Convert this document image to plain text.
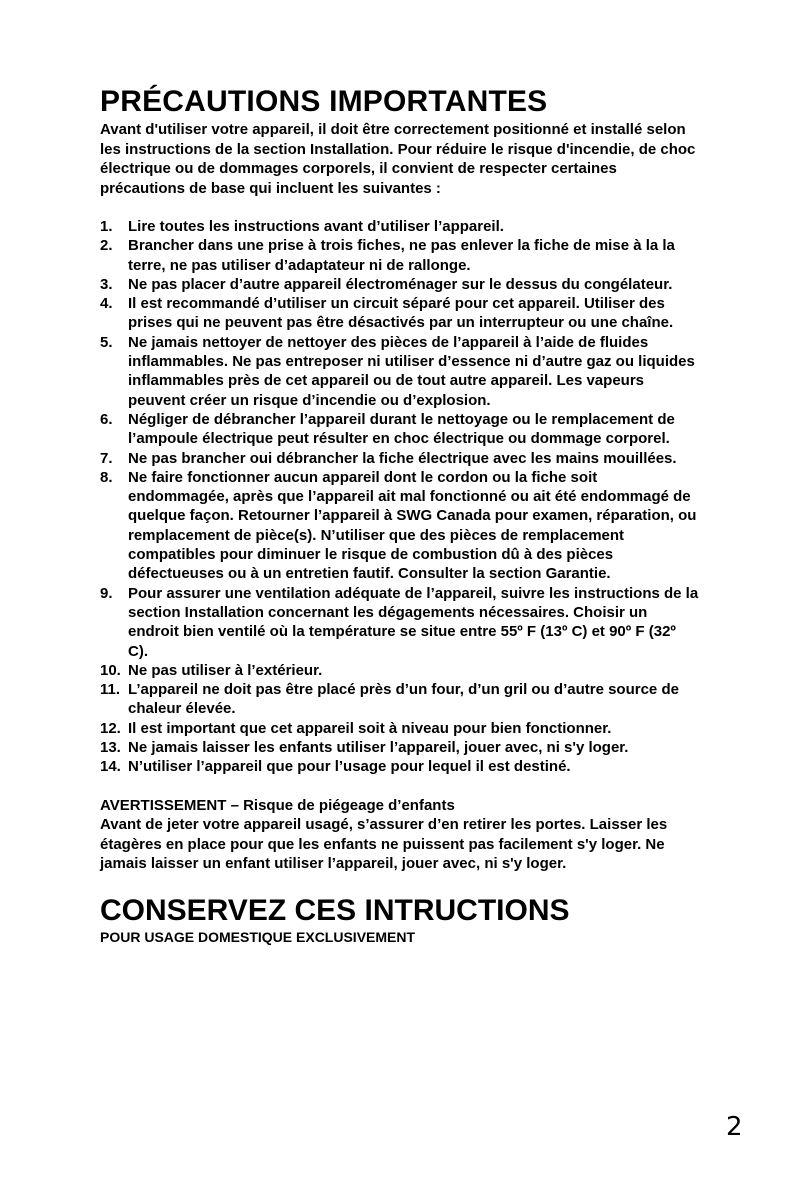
PRÉCAUTIONS IMPORTANTES

Avant d'utiliser votre appareil, il doit être correctement positionné et installé selon les instructions de la section Installation. Pour réduire le risque d'incendie, de choc électrique ou de dommages corporels, il convient de respecter certaines précautions de base qui incluent les suivantes :

1. Lire toutes les instructions avant d’utiliser l’appareil.
2. Brancher dans une prise à trois fiches, ne pas enlever la fiche de mise à la la terre, ne pas utiliser d’adaptateur ni de rallonge.
3. Ne pas placer d’autre appareil électroménager sur le dessus du congélateur.
4. Il est recommandé d’utiliser un circuit séparé pour cet appareil. Utiliser des prises qui ne peuvent pas être désactivés par un interrupteur ou une chaîne.
5. Ne jamais nettoyer de nettoyer des pièces de l’appareil à l’aide de fluides inflammables. Ne pas entreposer ni utiliser d’essence ni d’autre gaz ou liquides inflammables près de cet appareil ou de tout autre appareil. Les vapeurs peuvent créer un risque d’incendie ou d’explosion.
6. Négliger de débrancher l’appareil durant le nettoyage ou le remplacement de l’ampoule électrique peut résulter en choc électrique ou dommage corporel.
7. Ne pas brancher oui débrancher la fiche électrique avec les mains mouillées.
8. Ne faire fonctionner aucun appareil dont le cordon ou la fiche soit endommagée, après que l’appareil ait mal fonctionné ou ait été endommagé de quelque façon. Retourner l’appareil à SWG Canada pour examen, réparation, ou remplacement de pièce(s). N’utiliser que des pièces de remplacement compatibles pour diminuer le risque de combustion dû à des pièces défectueuses ou à un entretien fautif. Consulter la section Garantie.
9. Pour assurer une ventilation adéquate de l’appareil, suivre les instructions de la section Installation concernant les dégagements nécessaires. Choisir un endroit bien ventilé où la température se situe entre 55º F (13º C) et 90º F (32º C).
10. Ne pas utiliser à l’extérieur.
11. L’appareil ne doit pas être placé près d’un four, d’un gril ou d’autre source de chaleur élevée.
12. Il est important que cet appareil soit à niveau pour bien fonctionner.
13. Ne jamais laisser les enfants utiliser l’appareil, jouer avec, ni s'y loger.
14. N’utiliser l’appareil que pour l’usage pour lequel il est destiné.
AVERTISSEMENT – Risque de piégeage d’enfants
Avant de jeter votre appareil usagé, s’assurer d’en retirer les portes. Laisser les étagères en place pour que les enfants ne puissent pas facilement s'y loger. Ne jamais laisser un enfant utiliser l’appareil, jouer avec, ni s'y loger.
CONSERVEZ CES INTRUCTIONS

POUR USAGE DOMESTIQUE EXCLUSIVEMENT

2
